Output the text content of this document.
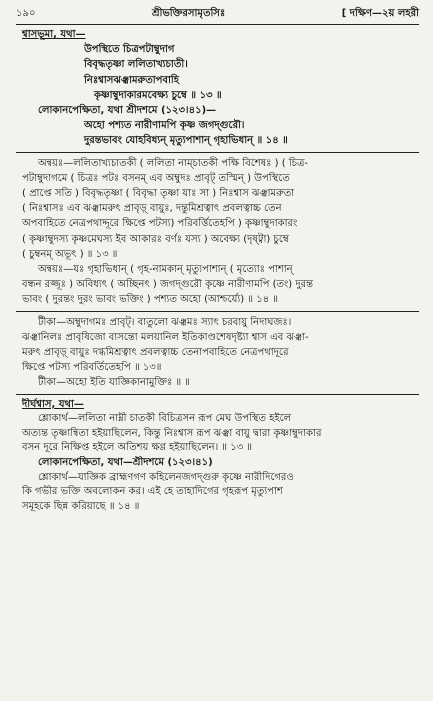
১৯০	শ্রীভক্তিরসামৃতসিঃ	[ দক্ষিণ—২য় লহরী
শ্বাসভূমা, যথা—
উপস্থিতে চিত্রপটাম্বুদাগ
বিবৃদ্ধতৃষ্ণা ললিতাখ্যচাতী।
নিঃশ্বাসঝঞ্ঝামরুতাপবাহি
কৃষ্ণাম্বুদাকারমবেক্ষ্য চুম্বে ॥ ১৩ ॥
লোকানপেক্ষিতা, যথা শ্রীদশমে (১২৩।৪১)—
অহো পশ্যত নারীণামপি কৃষ্ণ জগদ্গুরৌ।
দুরন্তভাবং যোহবিধ্যন্‌ মৃত্যুপাশান্‌ গৃহাভিধান্‌ ॥ ১৪ ॥
অন্বয়ঃ—ললিতাখ্যচাতকী ( ললিতা নাম্চাতকী পক্ষি বিশেষঃ ) ( চিত্র-
পটাম্বুদাগমে ( চিত্রঃ পটঃ বসনম্‌ এব অম্বুদঃ প্রাবৃট্‌ তস্মিন্‌ ) উপস্থিতে
( প্রাপ্তে সতি ) বিবৃদ্ধতৃষ্ণা ( বিবৃদ্ধা তৃষ্ণা যাঃ সা ) নিঃশ্বাস ঝঞ্ঝামরুতা
( নিঃশ্বাসঃ এব ঝঞ্ঝামরুৎ প্রাবৃড়্‌ বায়ুঃ, দন্তুমিশ্রত্বাৎ প্রবলত্বাচ্চ তেন
অপবাহিতে নেত্রপথাদ্দূরে ক্ষিপ্তে পটস্য) পরিবর্ত্তিতেহপি ) কৃষ্ণাম্বুদাকারং
( কৃষ্ণাম্বুদস্য কৃষ্ণমেঘস্য ইব আকারঃ বর্ণঃ যস্য ) অবেক্ষ্য (দৃষ্ট্বা) চুম্বে
( চুম্বনম্‌ অভূৎ ) ॥ ১৩ ॥
অন্বয়ঃ—যঃ গৃহাভিধান্‌ ( গৃহ-নামকান্‌ মৃত্যুপাশান্‌ ( মৃত্যোঃ পাশান্‌
বন্ধন রজ্জূঃ ) অবিধ্যৎ ( অচ্ছিনৎ ) জগদ্গুরৌ কৃষ্ণে নারীণামপি (তং) দুরন্ত
ভাবং ( দুরন্তং দুরং ভাবং ভক্তিং ) পশ্যত অহো (আশ্চর্য্যে) ॥ ১৪ ॥
টীকা—অম্বুদাগমঃ প্রাবৃট্‌। বাতুলো ঝঞ্ঝমঃ স্যাৎ চরবায়ু নিদাঘজঃ।
ঝঞ্ঝানিলঃ প্রাবৃষিজো বাসন্তো মলয়ানিল ইতিকাণ্ডশেষদৃষ্ট্যা শ্বাস এব ঝঞ্ঝা-
মরুৎ প্রাবৃড়্‌ বায়ুঃ দগ্ধমিশ্রত্বাৎ প্রবলত্বাচ্চ তেনাপবাহিতে নেত্রপথাদূরে
ক্ষিপ্তে পটস্য পরিবর্তিতেহপি ॥ ১৩॥
টীকা—অহো ইতি যাজ্ঞিকানামুক্তিঃ ॥ ॥
দীর্ঘশ্বাস, যথা—
শ্লোকার্থ—ললিতা নাম্নী চাতকী বিচিত্রসন রূপ মেঘ উপস্থিত হইলে
অত্যন্ত তৃষ্ণান্বিতা হইয়াছিলেন, কিন্তু নিঃশ্বাস রূপ ঝঞ্ঝা বায়ু দ্বারা কৃষ্ণাম্বুদাকার
বসন দূরে নিক্ষিপ্ত হইলে অতিশয় ক্ষণ্ণ হইয়াছিলেন। ॥ ১৩ ॥
লোকানপেক্ষিতা, যথা—শ্রীদশমে (১২৩।৪১)
শ্লোকার্থ—যাজ্ঞিক ব্রাহ্মণগণ কহিলেনজগদ্গুরু কৃষ্ণে নারীদিগেরও
কি গভীর ভক্তি অবলোকন কর। এই হে তাহাদিগের গৃহরূপ মৃত্যুপাশ
সমূহকে ছিন্ন করিয়াছে ॥ ১৪ ॥
